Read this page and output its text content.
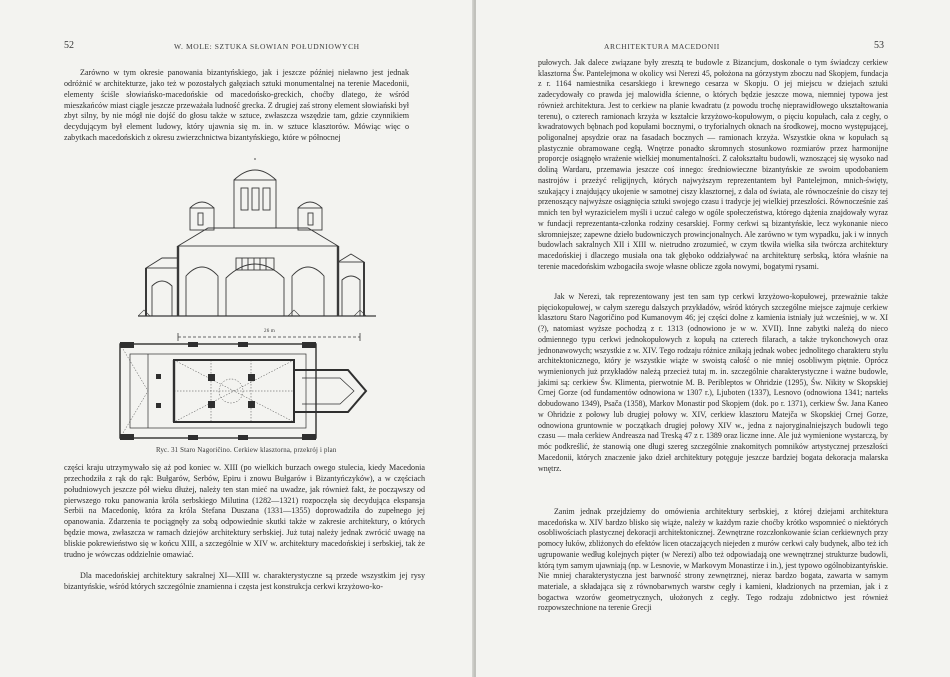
52	W. MOLE: SZTUKA SŁOWIAN POŁUDNIOWYCH

Zarówno w tym okresie panowania bizantyńskiego, jak i jeszcze później nieławno jest jednak odróżnić w architekturze, jako też w pozostałych gałęziach sztuki monumentalnej na terenie Macedonii, elementy ściśle słowiańsko-macedońskie od macedońsko-greckich, choćby dlatego, że wśród mieszkańców miast ciągle jeszcze przeważała ludność grecka. Z drugiej zaś strony element słowiański był zbyt silny, by nie mógł nie dojść do głosu także w sztuce, zwłaszcza wszędzie tam, gdzie czynnikiem decydującym był element ludowy, który ujawnia się m. in. w sztuce klasztorów. Mówiąc więc o zabytkach macedońskich z okresu zwierzchnictwa bizantyńskiego, które w północnej

26 m
Ryc. 31 Staro Nagoričino. Cerkiew klasztorna, przekrój i plan

części kraju utrzymywało się aż pod koniec w. XIII (po wielkich burzach owego stulecia, kiedy Macedonia przechodziła z rąk do rąk: Bułgarów, Serbów, Epiru i znowu Bułgarów i Bizantyńczyków), a w częściach południowych jeszcze pół wieku dłużej, należy ten stan mieć na uwadze, jak również fakt, że począwszy od pierwszego roku panowania króla serbskiego Milutina (1282—1321) rozpoczęła się decydująca ekspansja Serbii na Macedonię, która za króla Stefana Duszana (1331—1355) doprowadziła do zupełnego jej opanowania. Zdarzenia te pociągnęły za sobą odpowiednie skutki także w zakresie architektury, o których będzie mowa, zwłaszcza w ramach dziejów architektury serbskiej. Już tutaj należy jednak zwrócić uwagę na bliskie pokrewieństwo się w końcu XIII, a szczególnie w XIV w. architektury macedońskiej i serbskiej, tak że trudno je wówczas oddzielnie omawiać.

Dla macedońskiej architektury sakralnej XI—XIII w. charakterystyczne są przede wszystkim jej rysy bizantyńskie, wśród których szczególnie znamienna i częsta jest konstrukcja cerkwi krzyżowo-ko-

ARCHITEKTURA MACEDONII	53

pułowych. Jak dalece związane były zresztą te budowle z Bizancjum, doskonale o tym świadczy cerkiew klasztorna Św. Pantelejmona w okolicy wsi Nerezi 45, położona na górzystym zboczu nad Skopjem, fundacja z r. 1164 namiestnika cesarskiego i krewnego cesarza w Skopju. O jej miejscu w dziejach sztuki zadecydowały co prawda jej malowidła ścienne, o których będzie jeszcze mowa, niemniej typowa jest również architektura. Jest to cerkiew na planie kwadratu (z powodu trochę nieprawidłowego ukształtowania terenu), o czterech ramionach krzyża w kształcie krzyżowo-kopułowym, o pięciu kopułach, cała z cegły, o kwadratowych bębnach pod kopułami bocznymi, o tryforialnych oknach na środkowej, mocno występującej, poligonalnej apsydzie oraz na fasadach bocznych — ramionach krzyża. Wszystkie okna w kopułach są plastycznie obramowane cegłą. Wnętrze ponadto skromnych stosunkowo rozmiarów przez harmonijne proporcje osiągnęło wrażenie wielkiej monumentalności. Z całokształtu budowli, wznoszącej się wysoko nad doliną Wardaru, przemawia jeszcze coś innego: średniowieczne bizantyńskie ze swoim upodobaniem nastrojów i przeżyć religijnych, których najwyższym reprezentantem był Pantelejmon, mnich-święty, szukający i znajdujący ukojenie w samotnej ciszy klasztornej, z dala od świata, ale równocześnie do ciszy tej przenoszący najwyższe osiągnięcia sztuki swojego czasu i tradycje jej wielkiej przeszłości. Równocześnie zaś mnich ten był wyrazicielem myśli i uczuć całego w ogóle społeczeństwa, którego dążenia znajdowały wyraz w fundacji reprezentanta-członka rodziny cesarskiej. Formy cerkwi są bizantyńskie, lecz wykonanie nieco skromniejsze; zapewne dzieło budowniczych prowincjonalnych. Ale zarówno w tym wypadku, jak i w innych budowlach sakralnych XII i XIII w. nietrudno zrozumieć, w czym tkwiła wielka siła twórcza architektury macedońskiej i dlaczego musiała ona tak głęboko oddziaływać na architekturę serbską, która właśnie na terenie macedońskim wzbogaciła swoje własne oblicze zgoła nowymi, bogatymi rysami.

Jak w Nerezi, tak reprezentowany jest ten sam typ cerkwi krzyżowo-kopułowej, przeważnie także pięciokopułowej, w całym szeregu dalszych przykładów, wśród których szczególne miejsce zajmuje cerkiew klasztoru Staro Nagoričino pod Kumanovym 46; jej części dolne z kamienia istniały już wcześniej, w w. XI (?), natomiast wyższe pochodzą z r. 1313 (odnowiono je w w. XVII). Inne zabytki należą do nieco odmiennego typu cerkwi jednokopułowych z kopułą na czterech filarach, a także trykonchowych oraz jednonawowych; wszystkie z w. XIV. Tego rodzaju różnice znikają jednak wobec jednolitego charakteru stylu architektonicznego, który je wszystkie wiąże w swoistą całość o nie mniej osobliwym piętnie. Oprócz wymienionych już przykładów należą przecież tutaj m. in. szczególnie charakterystyczne i ważne budowle, jakimi są: cerkiew Św. Klimenta, pierwotnie M. B. Peribleptos w Ohridzie (1295), Św. Nikity w Skopskiej Crnej Gorze (od fundamentów odnowiona w 1307 r.), Ljuboten (1337), Lesnovo (odnowiona 1341; narteks dobudowano 1349), Psača (1358), Markov Monastir pod Skopjem (dok. po r. 1371), cerkiew Św. Jana Kaneo w Ohridzie z połowy lub drugiej połowy w. XIV, cerkiew klasztoru Matejča w Skopskiej Crnej Gorze, odnowiona gruntownie w początkach drugiej połowy XIV w., jedna z najoryginalniejszych budowli tego czasu — mała cerkiew Andreasza nad Treską 47 z r. 1389 oraz liczne inne. Ale już wymienione wystarczą, by móc podkreślić, że stanowią one długi szereg szczególnie znakomitych pomników artystycznej przeszłości Macedonii, których znaczenie jako dzieł architektury potęguje jeszcze bardziej bogata dekoracja malarska wnętrz.

Zanim jednak przejdziemy do omówienia architektury serbskiej, z której dziejami architektura macedońska w. XIV bardzo blisko się wiąże, należy w każdym razie choćby krótko wspomnieć o niektórych osobliwościach plastycznej dekoracji architektonicznej. Zewnętrzne rozczłonkowanie ścian cerkiewnych przy pomocy łuków, zbliżonych do efektów licen otaczających niejeden z murów cerkwi cały budynek, albo też ich ugrupowanie według kolejnych pięter (w Nerezi) albo też odpowiadają one wewnętrznej strukturze budowli, którą tym samym ujawniają (np. w Lesnovie, w Markovym Monastirze i in.), jest typowo ogólnobizantyńskie. Nie mniej charakterystyczna jest barwność strony zewnętrznej, nieraz bardzo bogata, zawarta w samym materiale, a składająca się z równobarwnych warstw cegły i kamieni, kładzionych na przemian, jak i z bogactwa wzorów geometrycznych, ułożonych z cegły. Tego rodzaju zdobnictwo jest również rozpowszechnione na terenie Grecji
